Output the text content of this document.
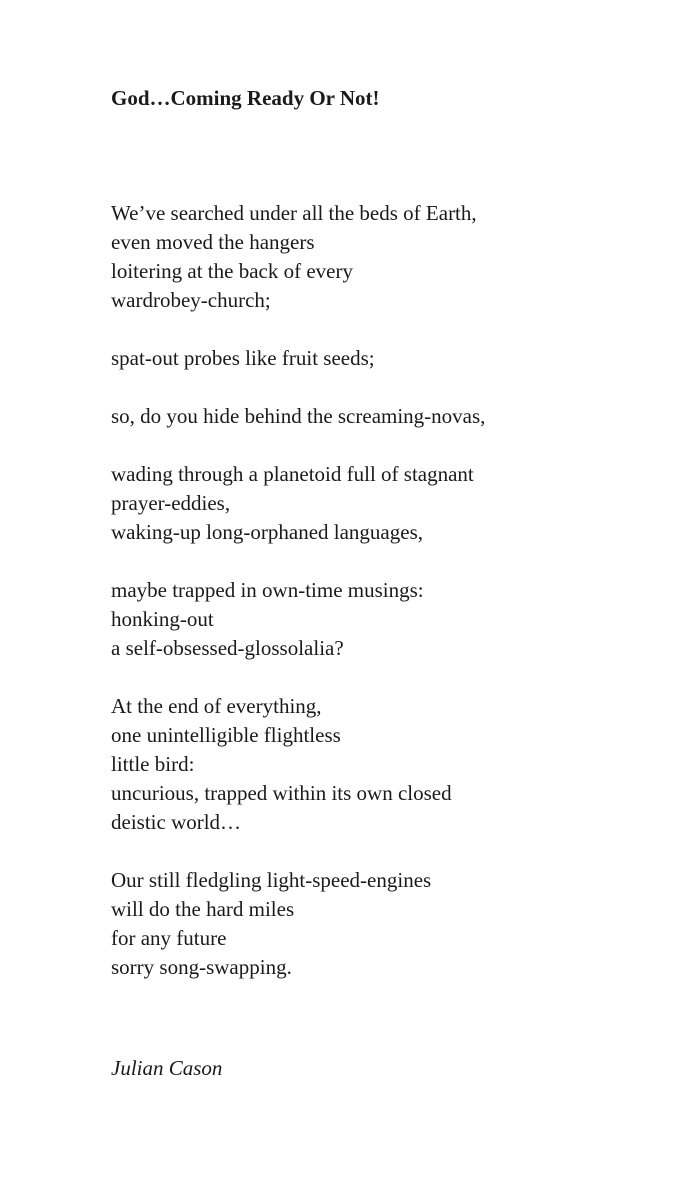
God…Coming Ready Or Not!
We’ve searched under all the beds of Earth,
even moved the hangers
loitering at the back of every
wardrobey-church;
spat-out probes like fruit seeds;
so, do you hide behind the screaming-novas,
wading through a planetoid full of stagnant
prayer-eddies,
waking-up long-orphaned languages,
maybe trapped in own-time musings:
honking-out
a self-obsessed-glossolalia?
At the end of everything,
one unintelligible flightless
little bird:
uncurious, trapped within its own closed
deistic world…
Our still fledgling light-speed-engines
will do the hard miles
for any future
sorry song-swapping.

Julian Cason
